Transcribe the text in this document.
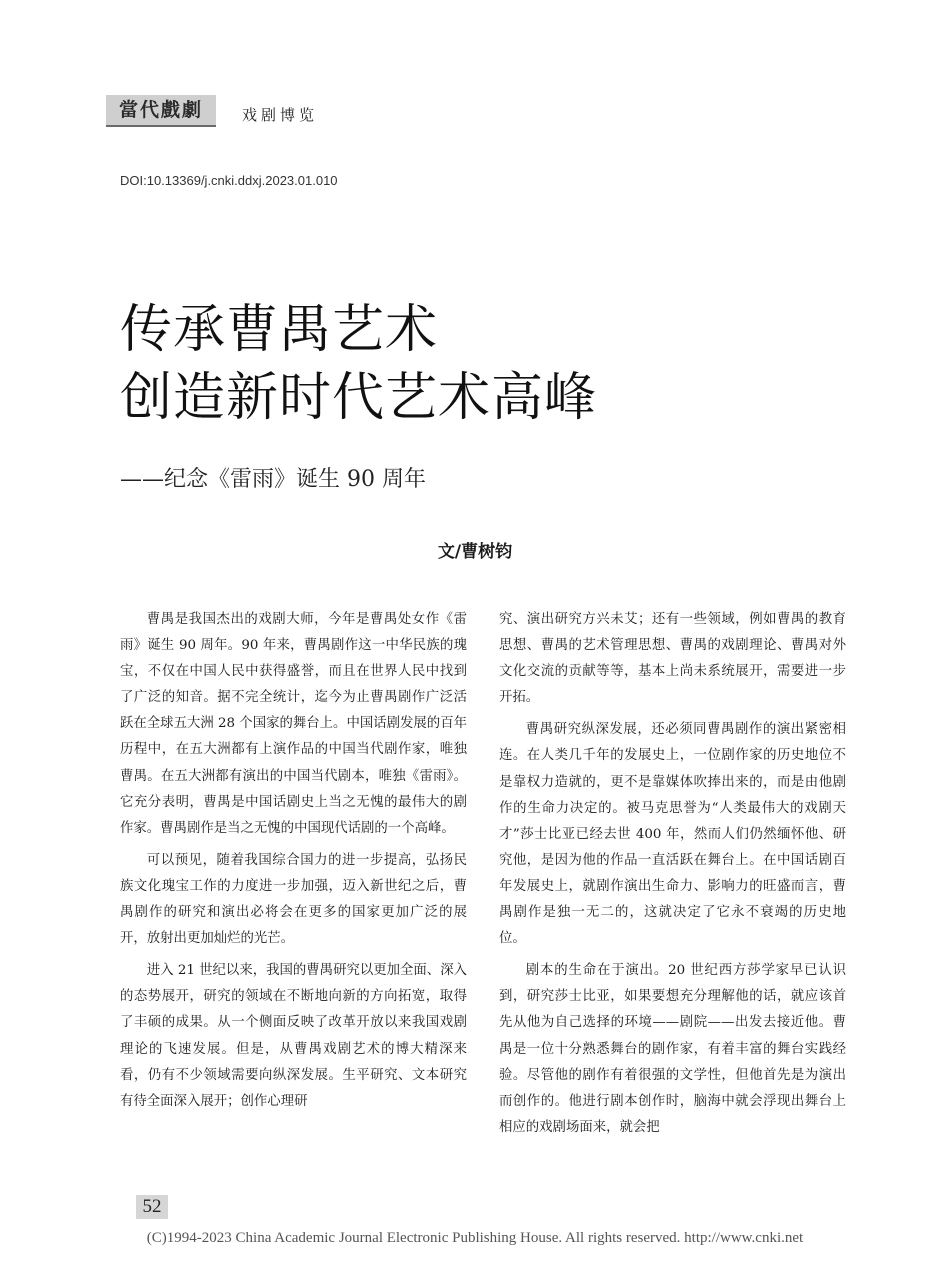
當代戲劇	戏剧博览
DOI:10.13369/j.cnki.ddxj.2023.01.010
传承曹禺艺术
创造新时代艺术高峰
——纪念《雷雨》诞生 90 周年
文/曹树钧

曹禺是我国杰出的戏剧大师，今年是曹禺处女作《雷雨》诞生 90 周年。90 年来，曹禺剧作这一中华民族的瑰宝，不仅在中国人民中获得盛誉，而且在世界人民中找到了广泛的知音。据不完全统计，迄今为止曹禺剧作广泛活跃在全球五大洲 28 个国家的舞台上。中国话剧发展的百年历程中，在五大洲都有上演作品的中国当代剧作家，唯独曹禺。在五大洲都有演出的中国当代剧本，唯独《雷雨》。它充分表明，曹禺是中国话剧史上当之无愧的最伟大的剧作家。曹禺剧作是当之无愧的中国现代话剧的一个高峰。

可以预见，随着我国综合国力的进一步提高，弘扬民族文化瑰宝工作的力度进一步加强，迈入新世纪之后，曹禺剧作的研究和演出必将会在更多的国家更加广泛的展开，放射出更加灿烂的光芒。

进入 21 世纪以来，我国的曹禺研究以更加全面、深入的态势展开，研究的领域在不断地向新的方向拓宽，取得了丰硕的成果。从一个侧面反映了改革开放以来我国戏剧理论的飞速发展。但是，从曹禺戏剧艺术的博大精深来看，仍有不少领域需要向纵深发展。生平研究、文本研究有待全面深入展开；创作心理研

究、演出研究方兴未艾；还有一些领域，例如曹禺的教育思想、曹禺的艺术管理思想、曹禺的戏剧理论、曹禺对外文化交流的贡献等等，基本上尚未系统展开，需要进一步开拓。

曹禺研究纵深发展，还必须同曹禺剧作的演出紧密相连。在人类几千年的发展史上，一位剧作家的历史地位不是靠权力造就的，更不是靠媒体吹捧出来的，而是由他剧作的生命力决定的。被马克思誉为“人类最伟大的戏剧天才”莎士比亚已经去世 400 年，然而人们仍然缅怀他、研究他，是因为他的作品一直活跃在舞台上。在中国话剧百年发展史上，就剧作演出生命力、影响力的旺盛而言，曹禺剧作是独一无二的，这就决定了它永不衰竭的历史地位。

剧本的生命在于演出。20 世纪西方莎学家早已认识到，研究莎士比亚，如果要想充分理解他的话，就应该首先从他为自己选择的环境——剧院——出发去接近他。曹禺是一位十分熟悉舞台的剧作家，有着丰富的舞台实践经验。尽管他的剧作有着很强的文学性，但他首先是为演出而创作的。他进行剧本创作时，脑海中就会浮现出舞台上相应的戏剧场面来，就会把

52
(C)1994-2023 China Academic Journal Electronic Publishing House. All rights reserved. http://www.cnki.net
